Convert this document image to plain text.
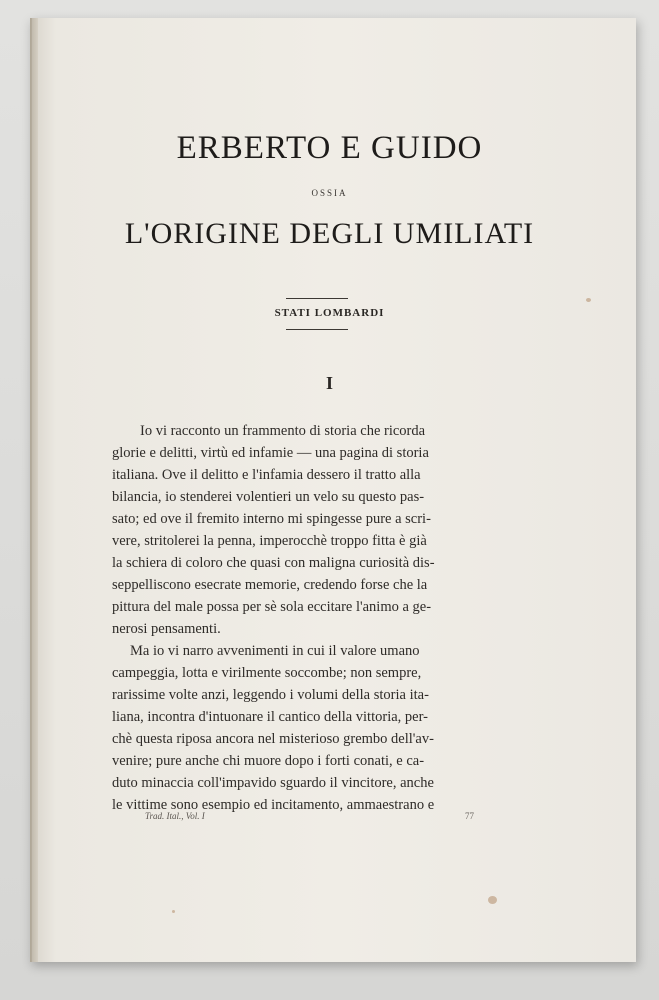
ERBERTO E GUIDO
OSSIA
L'ORIGINE DEGLI UMILIATI
STATI LOMBARDI
I
Io vi racconto un frammento di storia che ricorda
glorie e delitti, virtù ed infamie — una pagina di storia
italiana. Ove il delitto e l'infamia dessero il tratto alla
bilancia, io stenderei volentieri un velo su questo pas-
sato; ed ove il fremito interno mi spingesse pure a scri-
vere, stritolerei la penna, imperocchè troppo fitta è già
la schiera di coloro che quasi con maligna curiosità dis-
seppelliscono esecrate memorie, credendo forse che la
pittura del male possa per sè sola eccitare l'animo a ge-
nerosi pensamenti.
Ma io vi narro avvenimenti in cui il valore umano
campeggia, lotta e virilmente soccombe; non sempre,
rarissime volte anzi, leggendo i volumi della storia ita-
liana, incontra d'intuonare il cantico della vittoria, per-
chè questa riposa ancora nel misterioso grembo dell'av-
venire; pure anche chi muore dopo i forti conati, e ca-
duto minaccia coll'impavido sguardo il vincitore, anche
le vittime sono esempio ed incitamento, ammaestrano e
Trad. Ital., Vol. I	77
